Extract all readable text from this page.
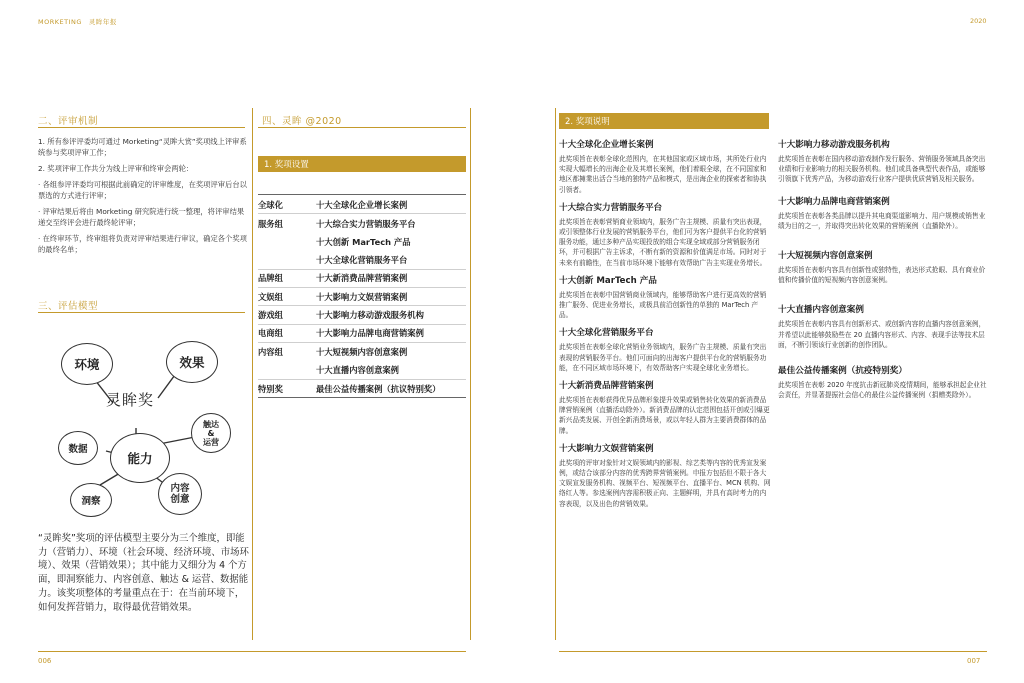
MORKETING　灵眸年报	2020
二、评审机制
1. 所有参评评委均可通过 Morketing“灵眸大赏”奖项线上评审系统参与奖项评审工作；
2. 奖项评审工作共分为线上评审和终审会两轮：
· 各组参评评委均可根据此前确定的评审维度，在奖项评审后台以票选的方式进行评审；
· 评审结果后将由 Morketing 研究院进行统一整理，将评审结果递交至终评会进行最终轮评审；
· 在终审环节，终审组将负责对评审结果进行审议，确定各个奖项的最终名单；
三、评估模型
灵眸奖
环境	效果
能力
数据
触达
&
运营
内容
创意
洞察
“灵眸奖”奖项的评估模型主要分为三个维度，即能力（营销力）、环境（社会环境、经济环境、市场环境）、效果（营销效果）；其中能力又细分为 4 个方面，即洞察能力、内容创意、触达 & 运营、数据能力。该奖项整体的考量重点在于：在当前环境下，如何发挥营销力，取得最优营销效果。
四、灵眸 @2020
1. 奖项设置
全球化	十大全球化企业增长案例
服务组	十大综合实力营销服务平台
十大创新 MarTech 产品
十大全球化营销服务平台
品牌组	十大新消费品牌营销案例
文娱组	十大影响力文娱营销案例
游戏组	十大影响力移动游戏服务机构
电商组	十大影响力品牌电商营销案例
内容组	十大短视频内容创意案例
十大直播内容创意案例
特别奖	最佳公益传播案例（抗议特别奖）
2. 奖项说明
十大全球化企业增长案例
此奖项旨在表彰全球化范围内，在其他国家或区域市场，其所处行业内实现大幅增长的出海企业及其增长案例，他们着眼全球，在不同国家和地区都擁業出活合当地的独特产品和模式，是出海企业的探索者和协执引领者。
十大综合实力营销服务平台
此奖项旨在表彰营销商业领域内，服务广告主规模、质量有突出表现，或引领整体行业发展的营销服务平台，他们可为客户提供平台化的营销服务功能，通过多种产品实现投放的组合实现全域或部分营销服务闭环，并可根据广告主诉求，不断有新的资源和价值满足市场。同时对于未来有前瞻性，在当前市场环境下能够有效帮助广告主实现业务增长。
十大创新 MarTech 产品
此奖项旨在表彰中国营销商业领域内，能够帮助客户进行更高效的营销推广服务、促进业务增长，或极具前沿创新性的单独的 MarTech 产品。
十大全球化营销服务平台
此奖项旨在表彰全球化营销业务领域内，服务广告主规模、质量有突出表现的营销服务平台。他们可面向的出海客户提供平台化的营销服务功能，在不同区域市场环境下，有效帮助客户实现全球化业务增长。
十大新消费品牌营销案例
此奖项旨在表彰获得优异品牌形象提升效果或销售转化效果的新消费品牌营销案例（直播活动除外）。新消费品牌的认定范围包括开创或引爆更新兴品类发展、开创全新消费场景，或以年轻人群为主要消费群体的品牌。
十大影响力文娱营销案例
此奖项的评审对象针对文娱领域内的影视、综艺类等内容的优秀宣发案例，或结合该部分内容的优秀跨界营销案例。申报方包括但不限于各大文娱宣发服务机构、视频平台、短视频平台、直播平台、MCN 机构、网络红人等。参选案例内容需积极正向、主题鲜明，并具有高时考力的内容表现，以及出色的营销效果。
十大影响力移动游戏服务机构
此奖项旨在表彰在国内移动游戏制作发行服务、营销服务领域具备突出业绩和行业影响力的相关服务机构。他们或具备典型代表作品，或能够引领旗下优秀产品，为移动游戏行业客户提供优质营销及相关服务。
十大影响力品牌电商营销案例
此奖项旨在表彰各类品牌以提升其电商渠道影响力、用户规模或销售业绩为目的之一，并取得突出转化效果的营销案例（直播除外）。
十大短视频内容创意案例
此奖项旨在表彰内容具有创新性或独特性，表达形式抢眼、具有商业价值和传播价值的短视频内容创意案例。
十大直播内容创意案例
此奖项旨在表彰内容具有创新形式、或创新内容的直播内容创意案例，并希望以此能够鼓励些在 20 直播内容形式、内容、表现手法等技术层面，不断引领该行业创新的创作团队。
最佳公益传播案例（抗疫特别奖）
此奖项旨在表彰 2020 年度抗击新冠肺炎疫情期间，能够承担起企业社会责任，并显著提振社会信心的最佳公益传播案例（捐赠类除外）。
006	007
